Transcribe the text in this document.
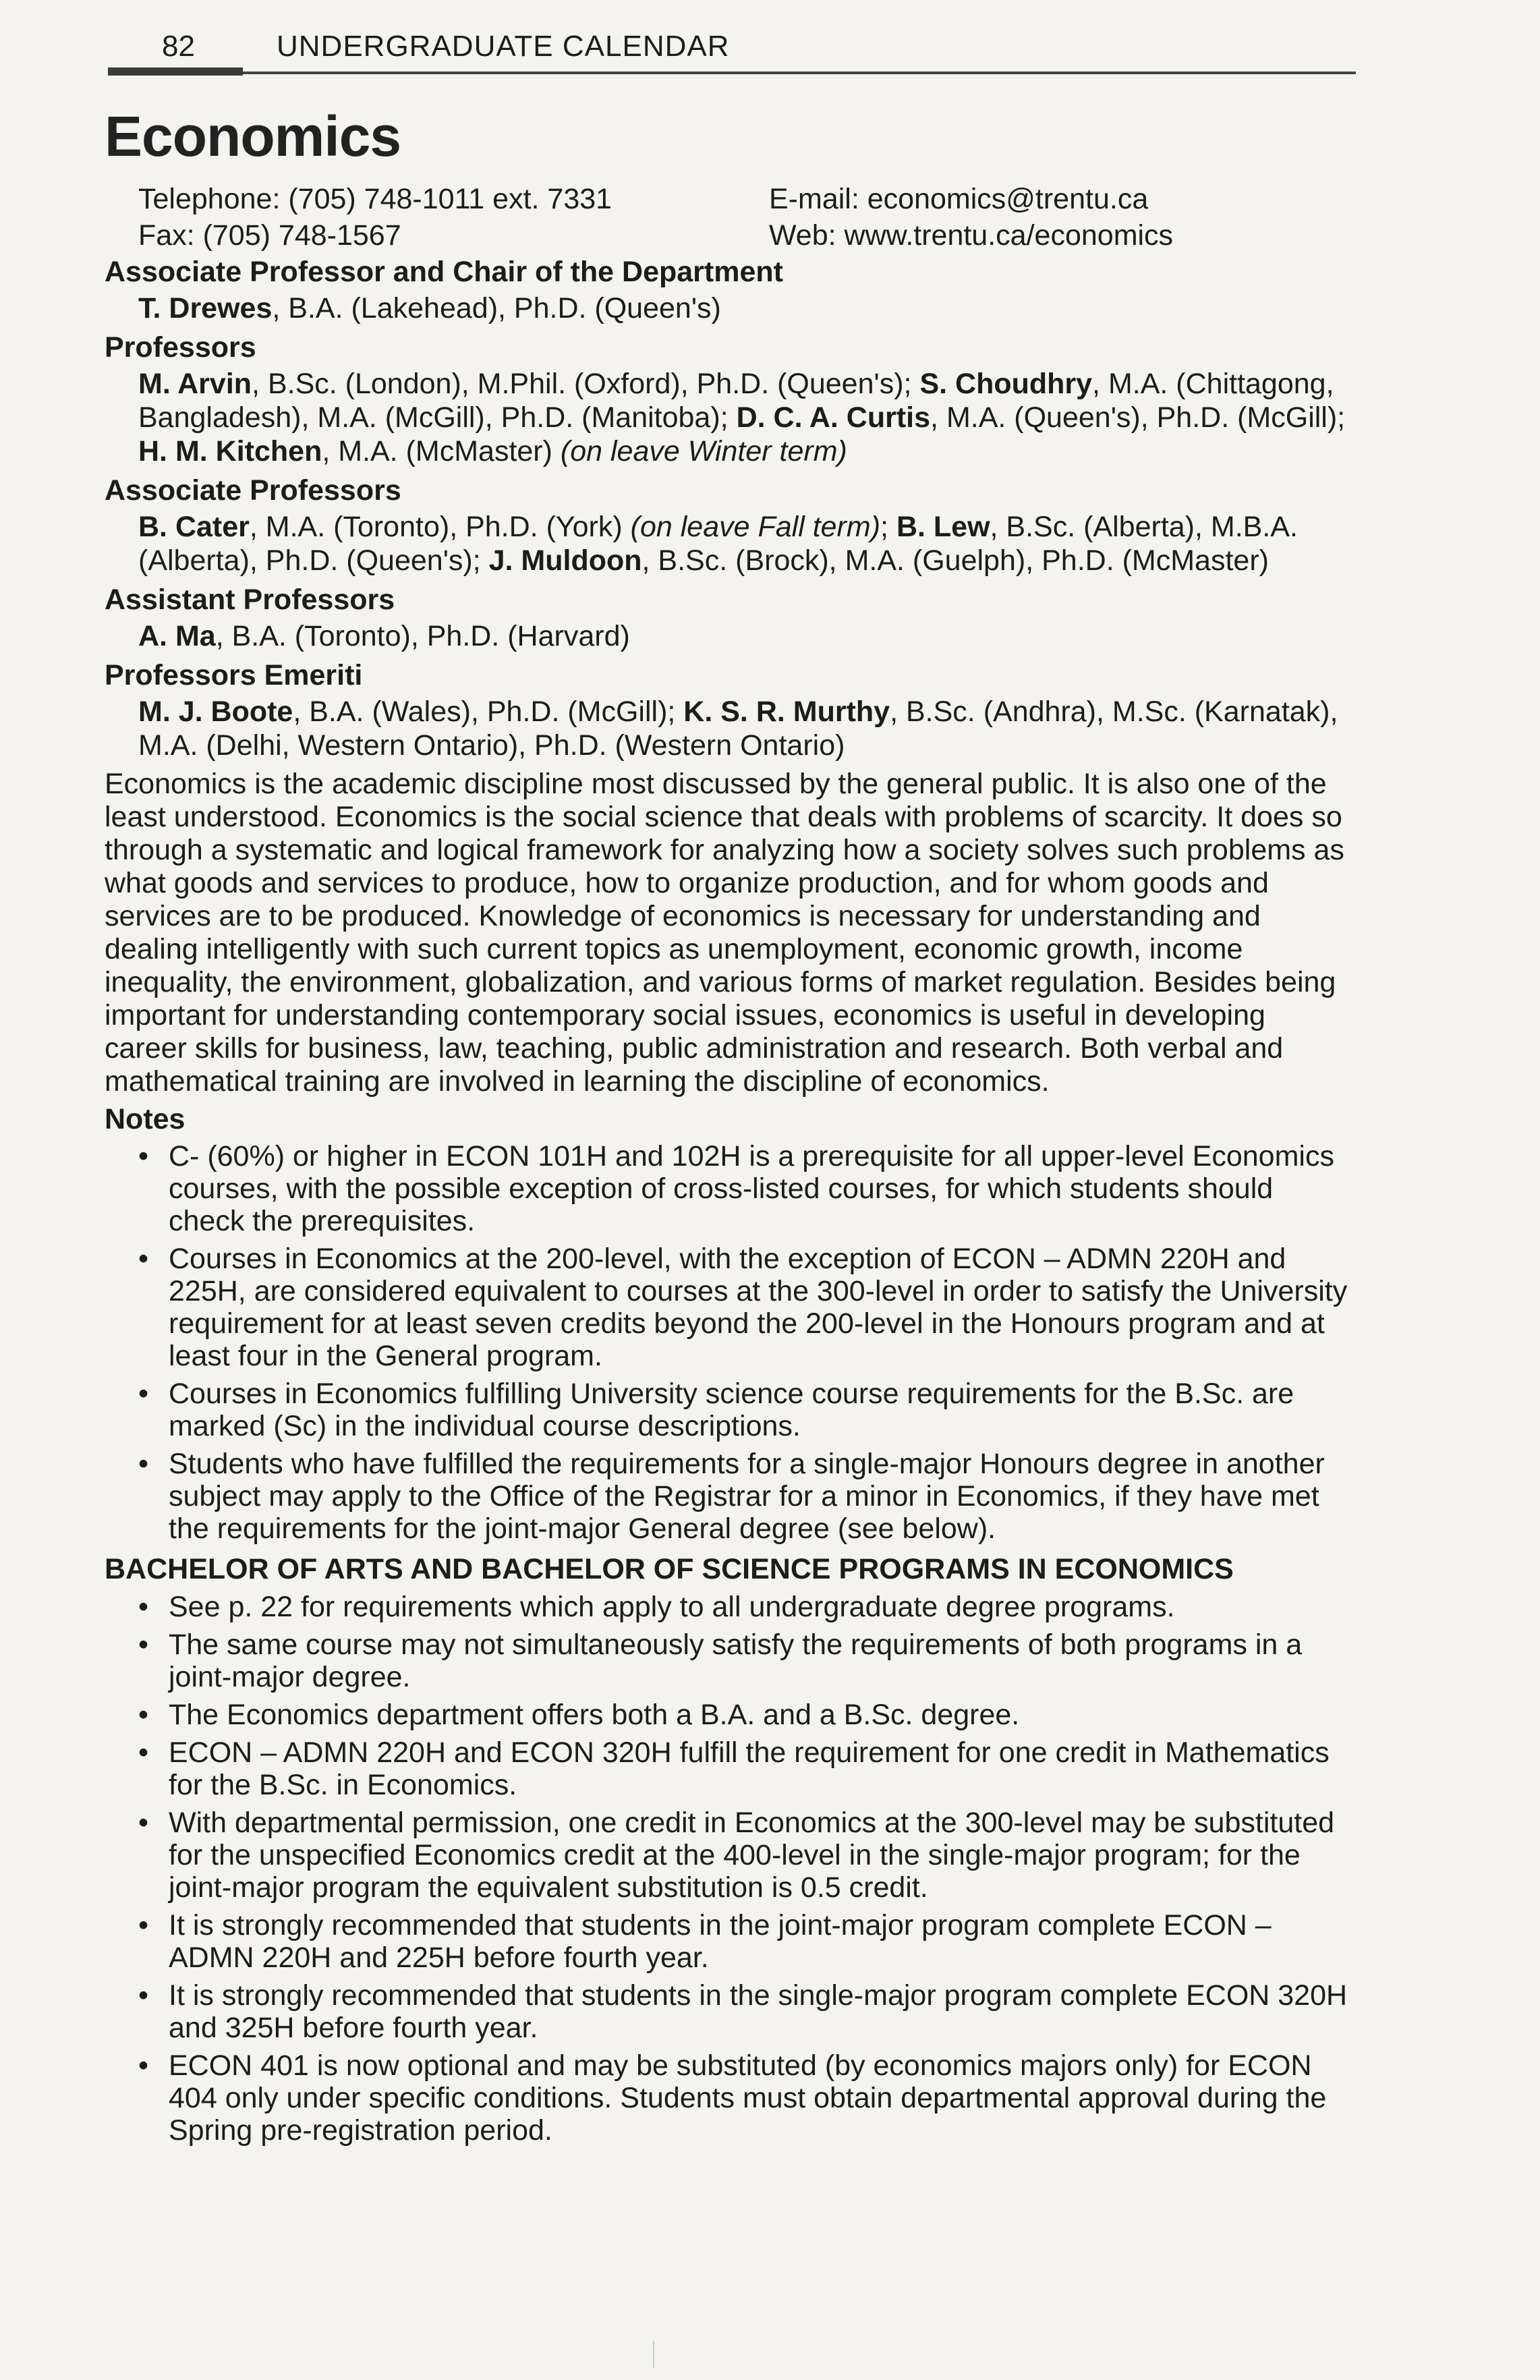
82	UNDERGRADUATE CALENDAR
Economics
Telephone: (705) 748-1011 ext. 7331
Fax: (705) 748-1567
E-mail: economics@trentu.ca
Web: www.trentu.ca/economics
Associate Professor and Chair of the Department
T. Drewes, B.A. (Lakehead), Ph.D. (Queen's)
Professors
M. Arvin, B.Sc. (London), M.Phil. (Oxford), Ph.D. (Queen's); S. Choudhry, M.A. (Chittagong, Bangladesh), M.A. (McGill), Ph.D. (Manitoba); D. C. A. Curtis, M.A. (Queen's), Ph.D. (McGill); H. M. Kitchen, M.A. (McMaster) (on leave Winter term)
Associate Professors
B. Cater, M.A. (Toronto), Ph.D. (York) (on leave Fall term); B. Lew, B.Sc. (Alberta), M.B.A. (Alberta), Ph.D. (Queen's); J. Muldoon, B.Sc. (Brock), M.A. (Guelph), Ph.D. (McMaster)
Assistant Professors
A. Ma, B.A. (Toronto), Ph.D. (Harvard)
Professors Emeriti
M. J. Boote, B.A. (Wales), Ph.D. (McGill); K. S. R. Murthy, B.Sc. (Andhra), M.Sc. (Karnatak), M.A. (Delhi, Western Ontario), Ph.D. (Western Ontario)

Economics is the academic discipline most discussed by the general public. It is also one of the least understood. Economics is the social science that deals with problems of scarcity. It does so through a systematic and logical framework for analyzing how a society solves such problems as what goods and services to produce, how to organize production, and for whom goods and services are to be produced. Knowledge of economics is necessary for understanding and dealing intelligently with such current topics as unemployment, economic growth, income inequality, the environment, globalization, and various forms of market regulation. Besides being important for understanding contemporary social issues, economics is useful in developing career skills for business, law, teaching, public administration and research. Both verbal and mathematical training are involved in learning the discipline of economics.

Notes
• C- (60%) or higher in ECON 101H and 102H is a prerequisite for all upper-level Economics courses, with the possible exception of cross-listed courses, for which students should check the prerequisites.
• Courses in Economics at the 200-level, with the exception of ECON – ADMN 220H and 225H, are considered equivalent to courses at the 300-level in order to satisfy the University requirement for at least seven credits beyond the 200-level in the Honours program and at least four in the General program.
• Courses in Economics fulfilling University science course requirements for the B.Sc. are marked (Sc) in the individual course descriptions.
• Students who have fulfilled the requirements for a single-major Honours degree in another subject may apply to the Office of the Registrar for a minor in Economics, if they have met the requirements for the joint-major General degree (see below).
BACHELOR OF ARTS AND BACHELOR OF SCIENCE PROGRAMS IN ECONOMICS
• See p. 22 for requirements which apply to all undergraduate degree programs.
• The same course may not simultaneously satisfy the requirements of both programs in a joint-major degree.
• The Economics department offers both a B.A. and a B.Sc. degree.
• ECON – ADMN 220H and ECON 320H fulfill the requirement for one credit in Mathematics for the B.Sc. in Economics.
• With departmental permission, one credit in Economics at the 300-level may be substituted for the unspecified Economics credit at the 400-level in the single-major program; for the joint-major program the equivalent substitution is 0.5 credit.
• It is strongly recommended that students in the joint-major program complete ECON – ADMN 220H and 225H before fourth year.
• It is strongly recommended that students in the single-major program complete ECON 320H and 325H before fourth year.
• ECON 401 is now optional and may be substituted (by economics majors only) for ECON 404 only under specific conditions. Students must obtain departmental approval during the Spring pre-registration period.
